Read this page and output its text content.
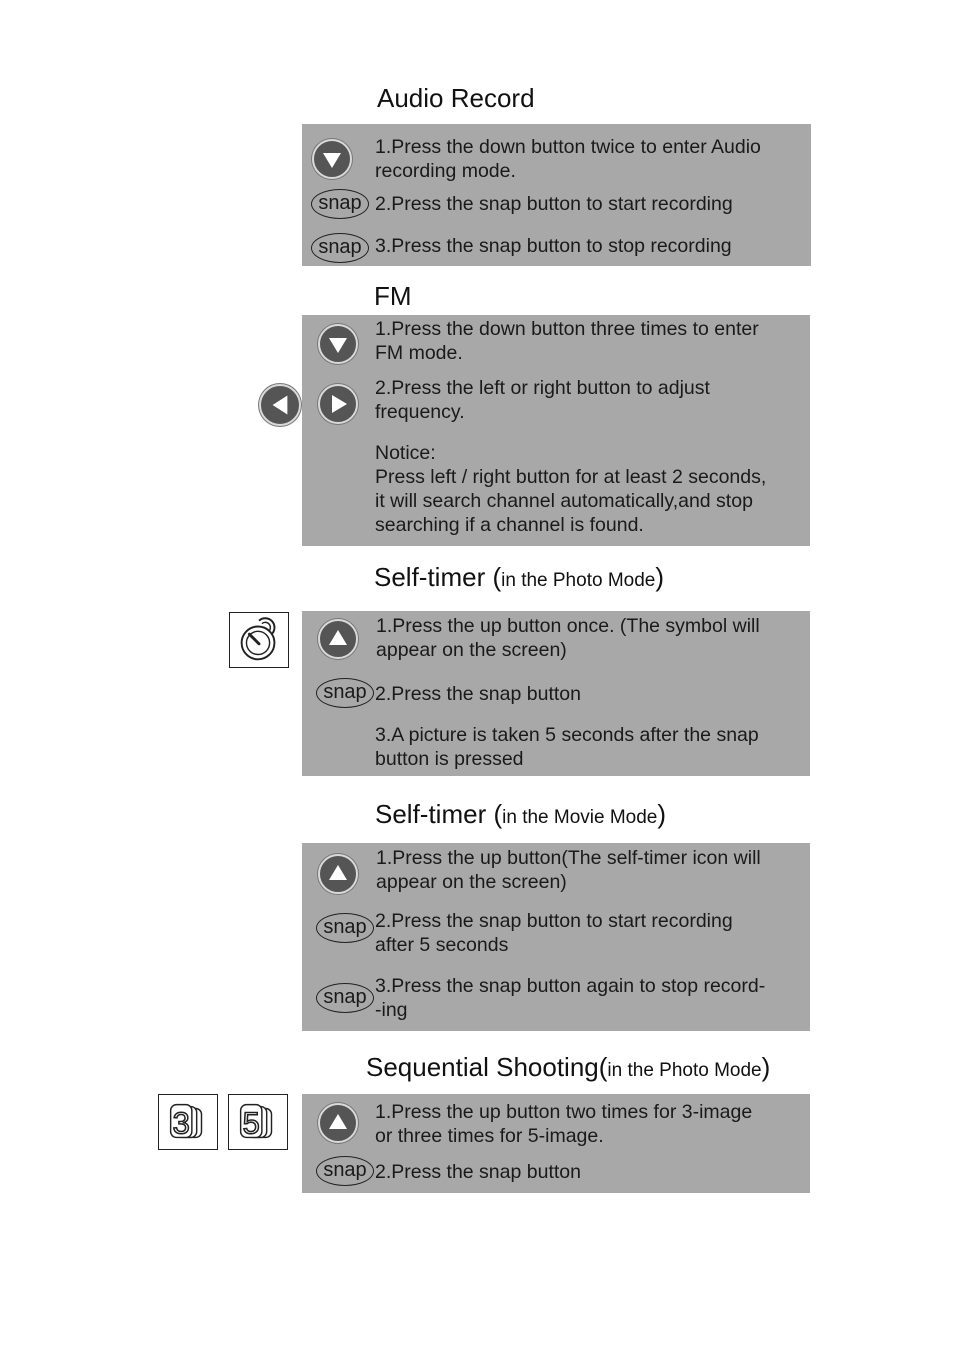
Audio Record
1.Press the down button twice to enter Audio
recording mode.
snap 2.Press the snap button to start recording
snap 3.Press the snap button to stop recording
FM
1.Press the down button three times to enter
FM mode.
2.Press the left or right button to adjust
frequency.
Notice:
Press left / right button for at least 2 seconds,
it will search channel automatically,and stop
searching if a channel is found.
Self-timer (in the Photo Mode)
1.Press the up button once. (The symbol will
appear on the screen)
snap 2.Press the snap button
3.A picture is taken 5 seconds after the snap
button is pressed
Self-timer (in the Movie Mode)
1.Press the up button(The self-timer icon will
appear on the screen)
snap 2.Press the snap button to start recording
after 5 seconds
snap 3.Press the snap button again to stop record-
-ing
Sequential Shooting(in the Photo Mode)
3 5	1.Press the up button two times for 3-image
or three times for 5-image.
snap 2.Press the snap button
